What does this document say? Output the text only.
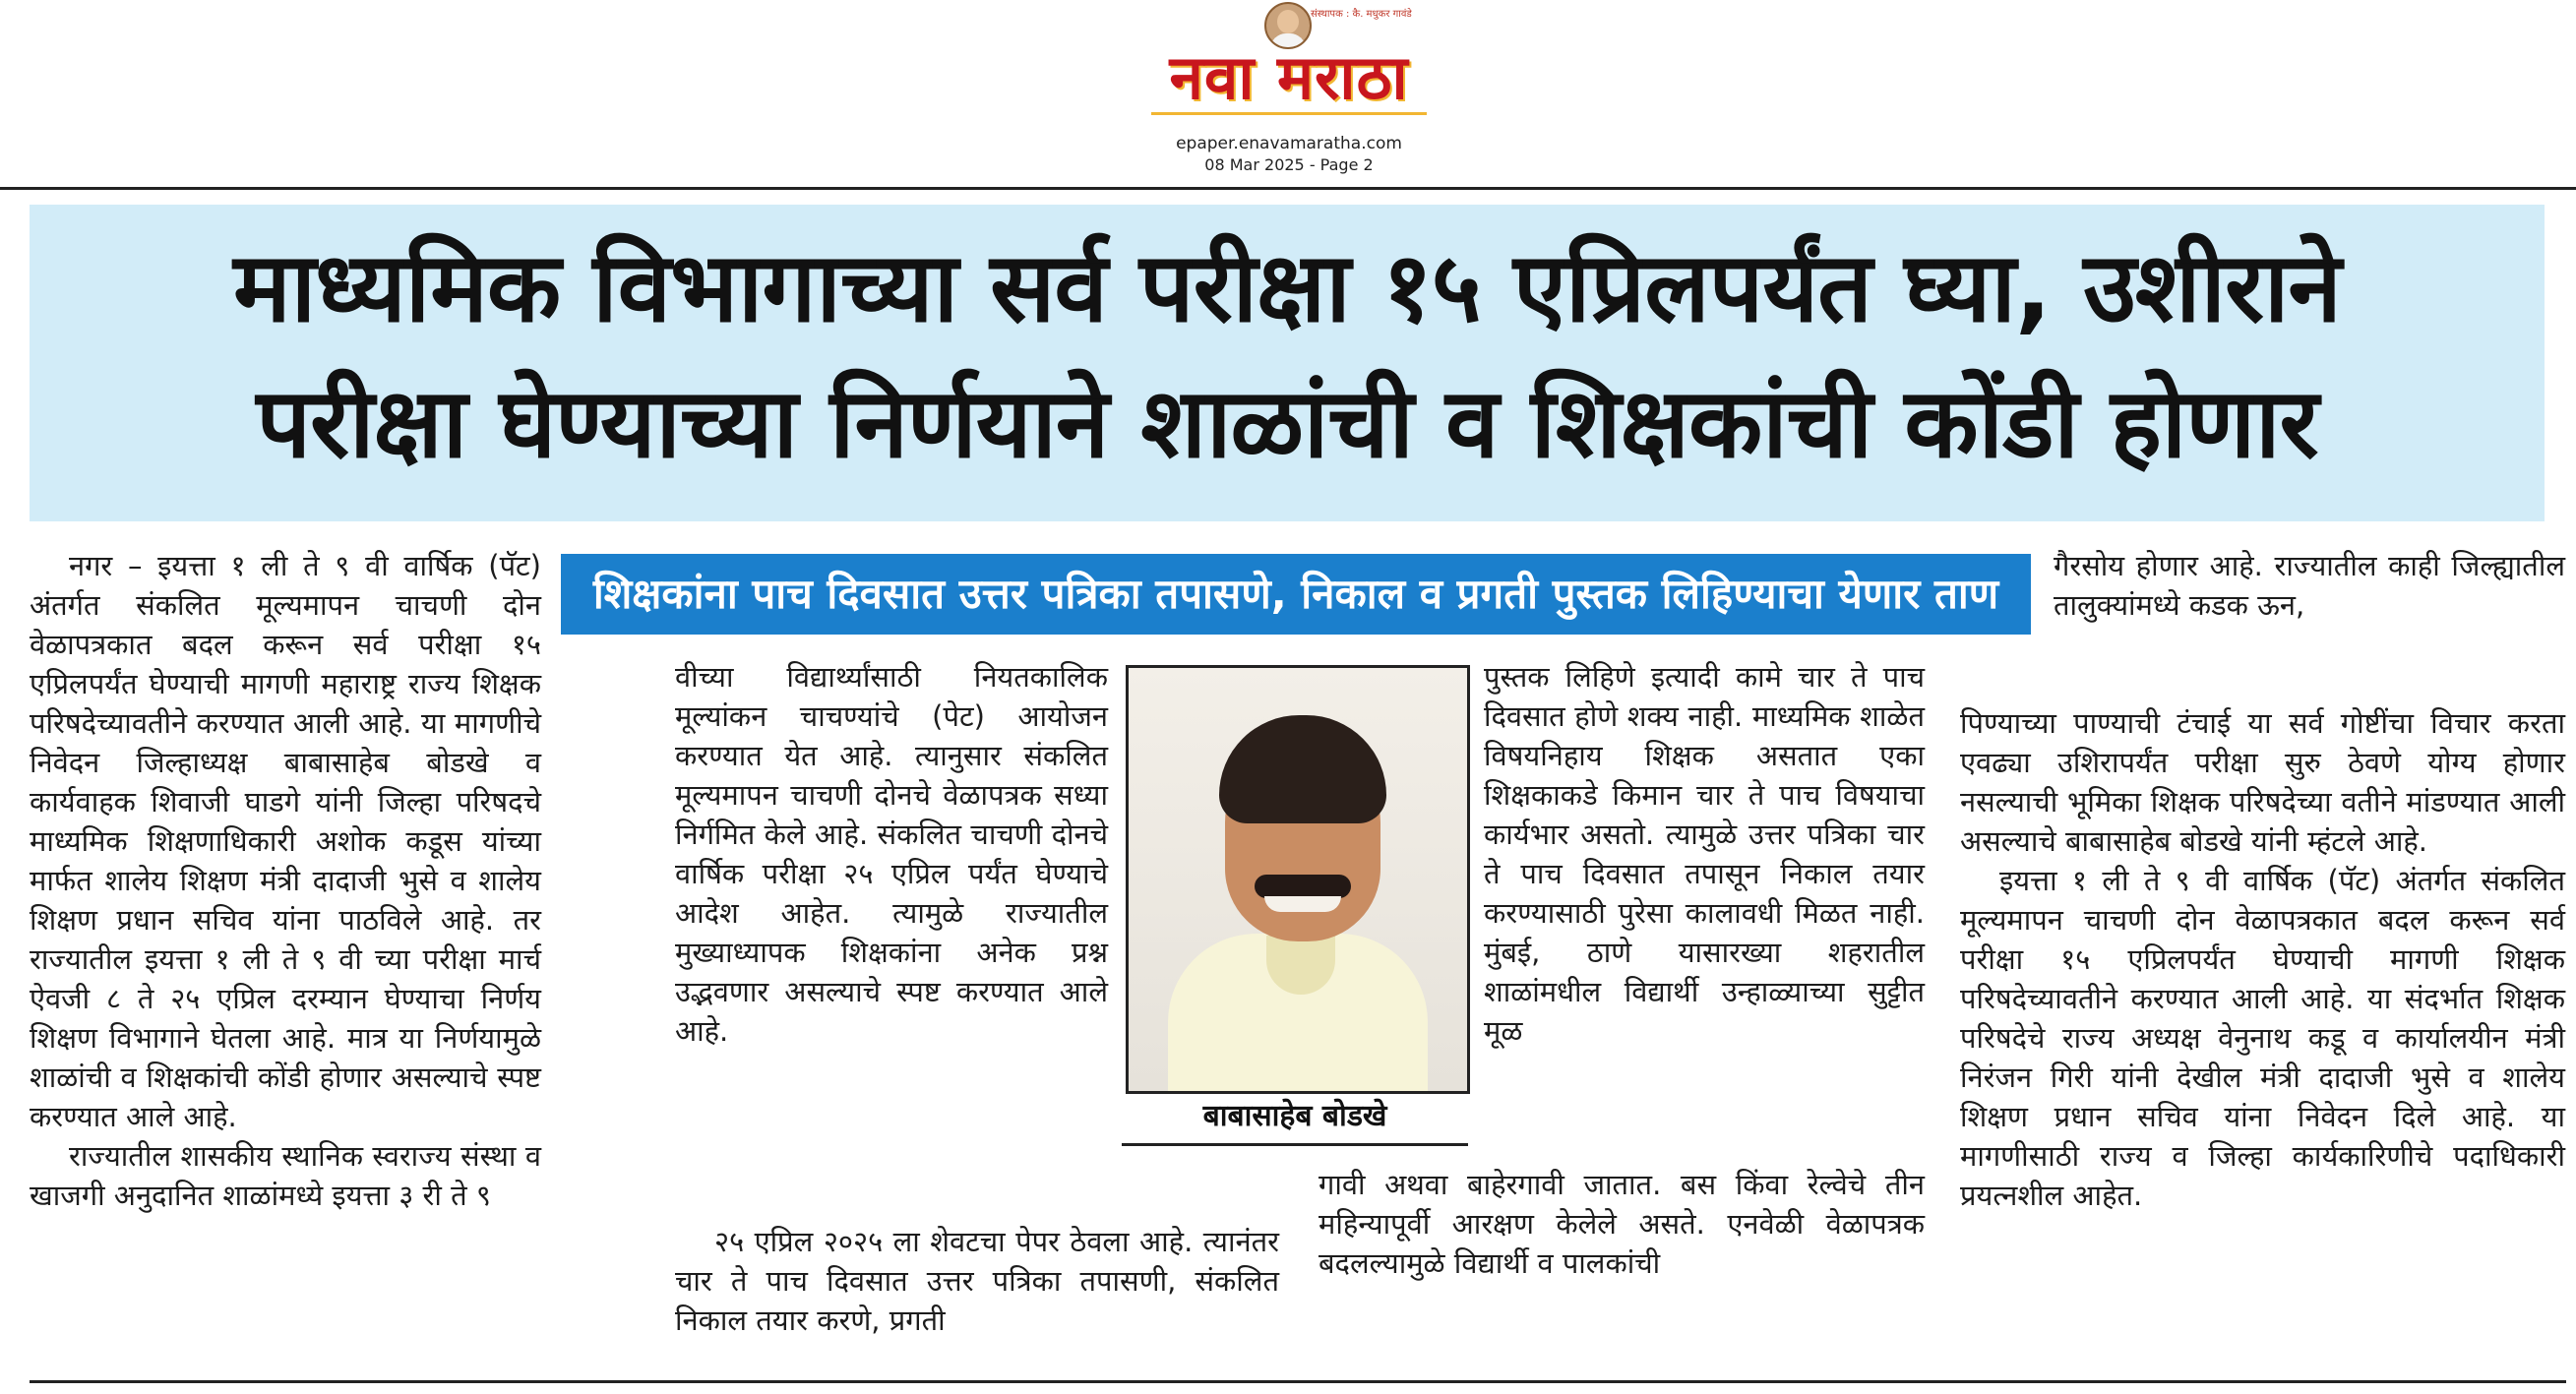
संस्थापक : कै. मधुकर गावंडे
नवा मराठा
epaper.enavamaratha.com
08 Mar 2025 - Page 2
माध्यमिक विभागाच्या सर्व परीक्षा १५ एप्रिलपर्यंत घ्या, उशीराने
परीक्षा घेण्याच्या निर्णयाने शाळांची व शिक्षकांची कोंडी होणार
शिक्षकांना पाच दिवसात उत्तर पत्रिका तपासणे, निकाल व प्रगती पुस्तक लिहिण्याचा येणार ताण

नगर – इयत्ता १ ली ते ९ वी वार्षिक (पॅट) अंतर्गत संकलित मूल्यमापन चाचणी दोन वेळापत्रकात बदल करून सर्व परीक्षा १५ एप्रिलपर्यंत घेण्याची मागणी महाराष्ट्र राज्य शिक्षक परिषदेच्यावतीने करण्यात आली आहे. या मागणीचे निवेदन जिल्हाध्यक्ष बाबासाहेब बोडखे व कार्यवाहक शिवाजी घाडगे यांनी जिल्हा परिषदचे माध्यमिक शिक्षणाधिकारी अशोक कडूस यांच्या मार्फत शालेय शिक्षण मंत्री दादाजी भुसे व शालेय शिक्षण प्रधान सचिव यांना पाठविले आहे. तर राज्यातील इयत्ता १ ली ते ९ वी च्या परीक्षा मार्च ऐवजी ८ ते २५ एप्रिल दरम्यान घेण्याचा निर्णय शिक्षण विभागाने घेतला आहे. मात्र या निर्णयामुळे शाळांची व शिक्षकांची कोंडी होणार असल्याचे स्पष्ट करण्यात आले आहे.

राज्यातील शासकीय स्थानिक स्वराज्य संस्था व खाजगी अनुदानित शाळांमध्ये इयत्ता ३ री ते ९

वीच्या विद्यार्थ्यांसाठी नियतकालिक मूल्यांकन चाचण्यांचे (पेट) आयोजन करण्यात येत आहे. त्यानुसार संकलित मूल्यमापन चाचणी दोनचे वेळापत्रक सध्या निर्गमित केले आहे. संकलित चाचणी दोनचे वार्षिक परीक्षा २५ एप्रिल पर्यंत घेण्याचे आदेश आहेत. त्यामुळे राज्यातील मुख्याध्यापक शिक्षकांना अनेक प्रश्न उद्भवणार असल्याचे स्पष्ट करण्यात आले आहे.

२५ एप्रिल २०२५ ला शेवटचा पेपर ठेवला आहे. त्यानंतर चार ते पाच दिवसात उत्तर पत्रिका तपासणी, संकलित निकाल तयार करणे, प्रगती

बाबासाहेब बोडखे

पुस्तक लिहिणे इत्यादी कामे चार ते पाच दिवसात होणे शक्य नाही. माध्यमिक शाळेत विषयनिहाय शिक्षक असतात एका शिक्षकाकडे किमान चार ते पाच विषयाचा कार्यभार असतो. त्यामुळे उत्तर पत्रिका चार ते पाच दिवसात तपासून निकाल तयार करण्यासाठी पुरेसा कालावधी मिळत नाही. मुंबई, ठाणे यासारख्या शहरातील शाळांमधील विद्यार्थी उन्हाळ्याच्या सुट्टीत मूळ

गावी अथवा बाहेरगावी जातात. बस किंवा रेल्वेचे तीन महिन्यापूर्वी आरक्षण केलेले असते. एनवेळी वेळापत्रक बदलल्यामुळे विद्यार्थी व पालकांची

गैरसोय होणार आहे. राज्यातील काही जिल्ह्यातील तालुक्यांमध्ये कडक ऊन,

पिण्याच्या पाण्याची टंचाई या सर्व गोष्टींचा विचार करता एवढ्या उशिरापर्यंत परीक्षा सुरु ठेवणे योग्य होणार नसल्याची भूमिका शिक्षक परिषदेच्या वतीने मांडण्यात आली असल्याचे बाबासाहेब बोडखे यांनी म्हंटले आहे.

इयत्ता १ ली ते ९ वी वार्षिक (पॅट) अंतर्गत संकलित मूल्यमापन चाचणी दोन वेळापत्रकात बदल करून सर्व परीक्षा १५ एप्रिलपर्यंत घेण्याची मागणी शिक्षक परिषदेच्यावतीने करण्यात आली आहे. या संदर्भात शिक्षक परिषदेचे राज्य अध्यक्ष वेनुनाथ कडू व कार्यालयीन मंत्री निरंजन गिरी यांनी देखील मंत्री दादाजी भुसे व शालेय शिक्षण प्रधान सचिव यांना निवेदन दिले आहे. या मागणीसाठी राज्य व जिल्हा कार्यकारिणीचे पदाधिकारी प्रयत्नशील आहेत.
